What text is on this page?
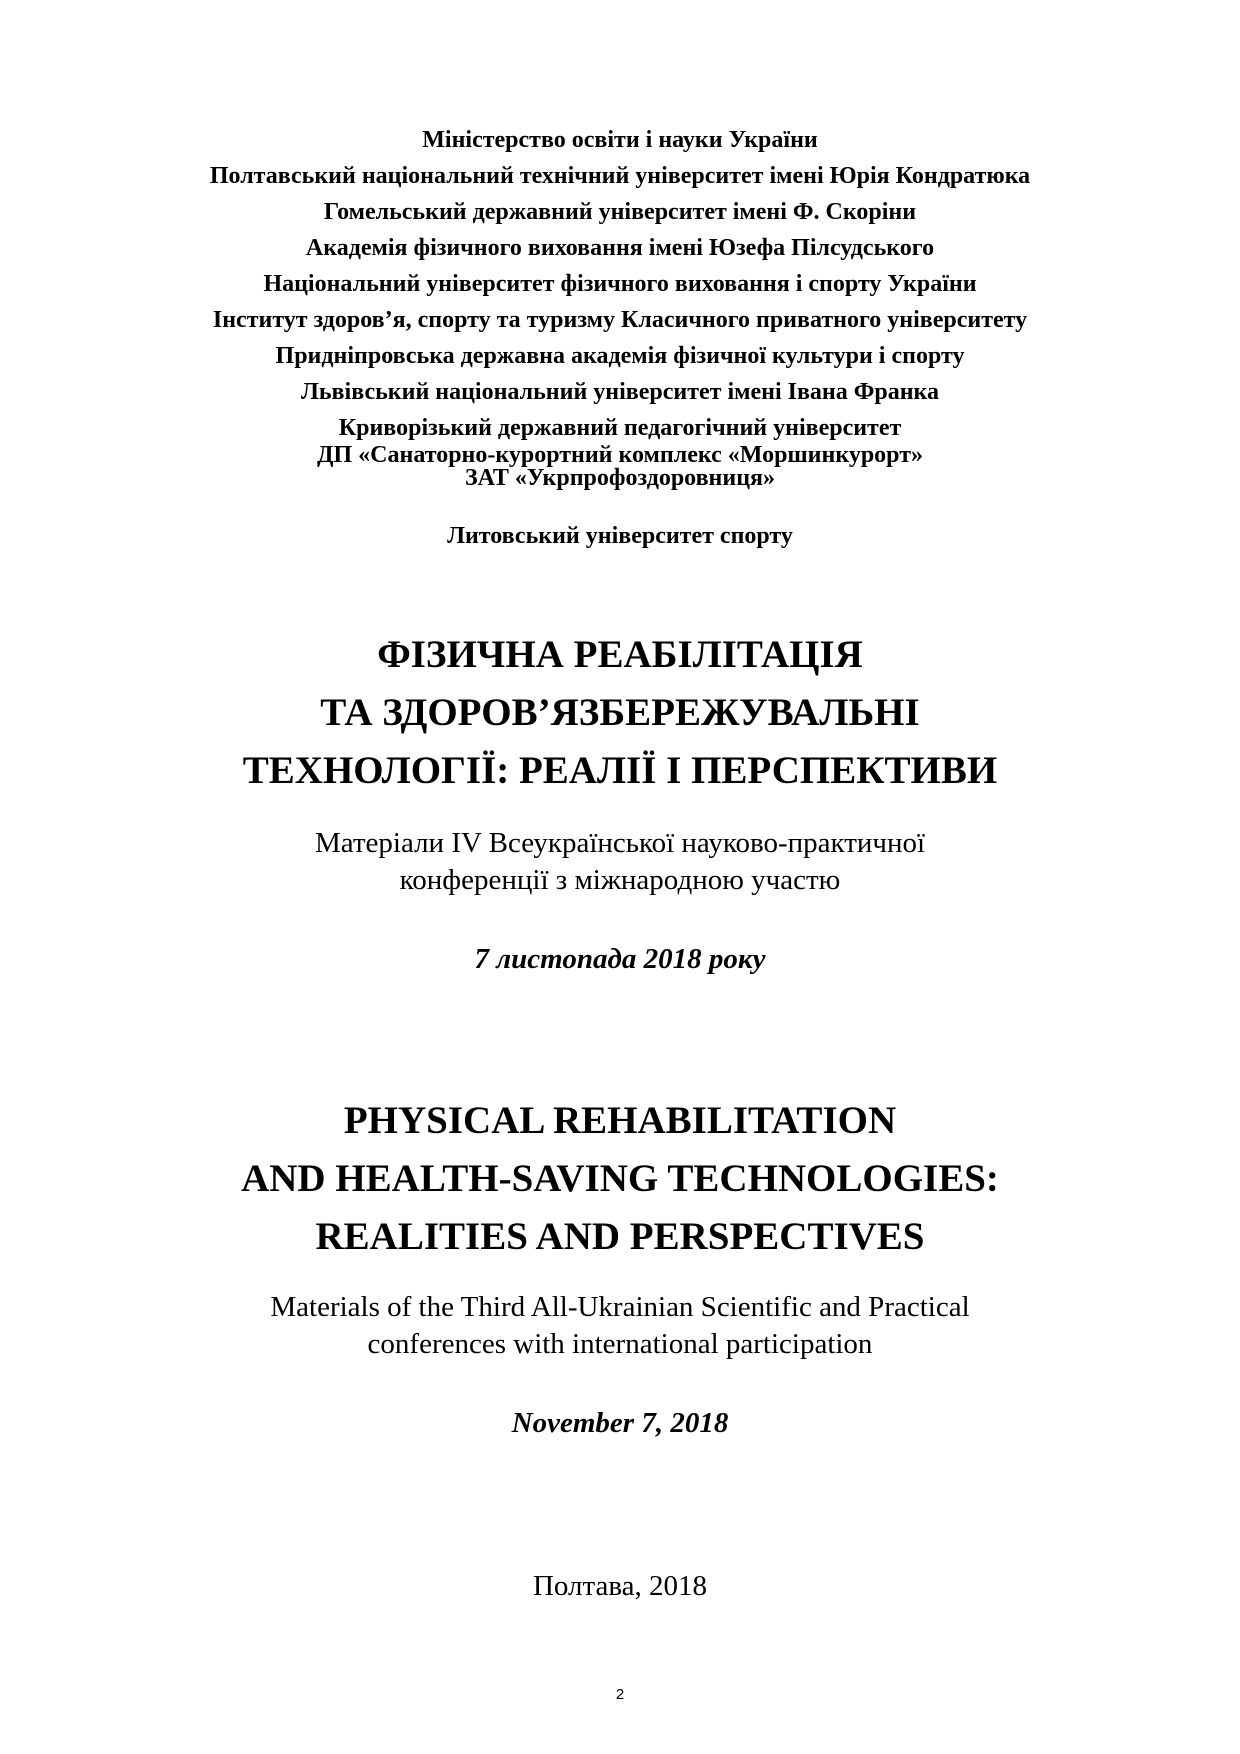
Міністерство освіти і науки України
Полтавський національний технічний університет імені Юрія Кондратюка
Гомельський державний університет імені Ф. Скоріни
Академія фізичного виховання імені Юзефа Пілсудського
Національний університет фізичного виховання і спорту України
Інститут здоров’я, спорту та туризму Класичного приватного університету
Придніпровська державна академія фізичної культури і спорту
Львівський національний університет імені Івана Франка
Криворізький державний педагогічний університет
ДП «Санаторно-курортний комплекс «Моршинкурорт»
ЗАТ «Укрпрофоздоровниця»
Литовський університет спорту
ФІЗИЧНА РЕАБІЛІТАЦІЯ
ТА ЗДОРОВ’ЯЗБЕРЕЖУВАЛЬНІ
ТЕХНОЛОГІЇ: РЕАЛІЇ І ПЕРСПЕКТИВИ
Матеріали IV Всеукраїнської науково-практичної
конференції з міжнародною участю
7 листопада 2018 року
PHYSICAL REHABILITATION
AND HEALTH-SAVING TECHNOLOGIES:
REALITIES AND PERSPECTIVES
Materials of the Third All-Ukrainian Scientific and Practical
conferences with international participation
November 7, 2018
Полтава, 2018
2
